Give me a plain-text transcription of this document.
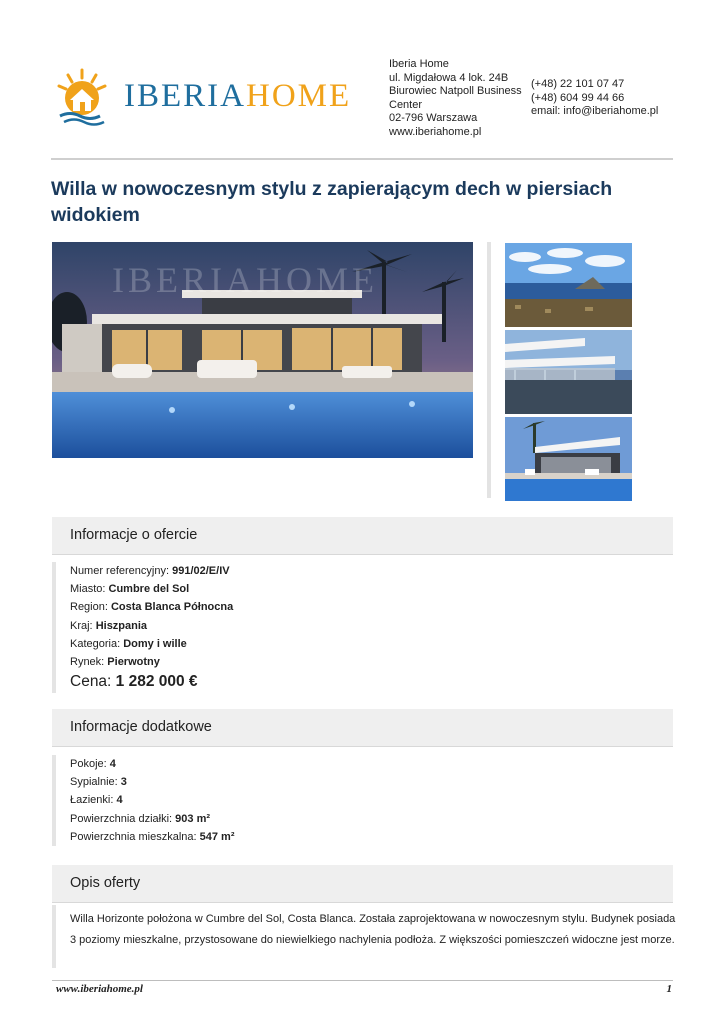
IBERIAHOME
Iberia Home
ul. Migdałowa 4 lok. 24B
Biurowiec Natpoll Business
Center
02-796 Warszawa
www.iberiahome.pl
(+48) 22 101 07 47
(+48) 604 99 44 66
email: info@iberiahome.pl
Willa w nowoczesnym stylu z zapierającym dech w piersiach widokiem
IBERIAHOME
Informacje o ofercie
Numer referencyjny: 991/02/E/IV
Miasto: Cumbre del Sol
Region: Costa Blanca Północna
Kraj: Hiszpania
Kategoria: Domy i wille
Rynek: Pierwotny
Cena: 1 282 000 €
Informacje dodatkowe
Pokoje: 4
Sypialnie: 3
Łazienki: 4
Powierzchnia działki: 903 m²
Powierzchnia mieszkalna: 547 m²
Opis oferty

Willa Horizonte położona w Cumbre del Sol, Costa Blanca. Została zaprojektowana w nowoczesnym stylu. Budynek posiada
3 poziomy mieszkalne, przystosowane do niewielkiego nachylenia podłoża. Z większości pomieszczeń widoczne jest morze.

www.iberiahome.pl	1
